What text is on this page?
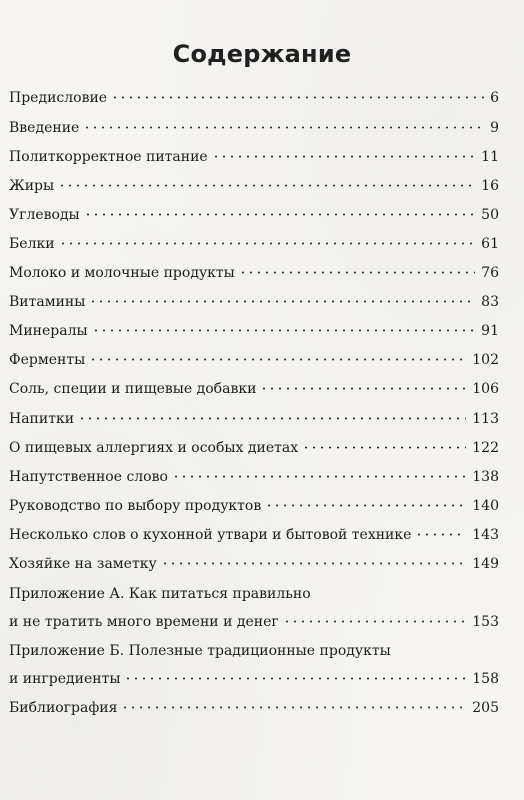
Содержание
Предисловие	6
Введение	9
Политкорректное питание	11
Жиры	16
Углеводы	50
Белки	61
Молоко и молочные продукты	76
Витамины	83
Минералы	91
Ферменты	102
Соль, специи и пищевые добавки	106
Напитки	113
О пищевых аллергиях и особых диетах	122
Напутственное слово	138
Руководство по выбору продуктов	140
Несколько слов о кухонной утвари и бытовой технике	143
Хозяйке на заметку	149
Приложение А. Как питаться правильно
и не тратить много времени и денег	153
Приложение Б. Полезные традиционные продукты
и ингредиенты	158
Библиография	205
